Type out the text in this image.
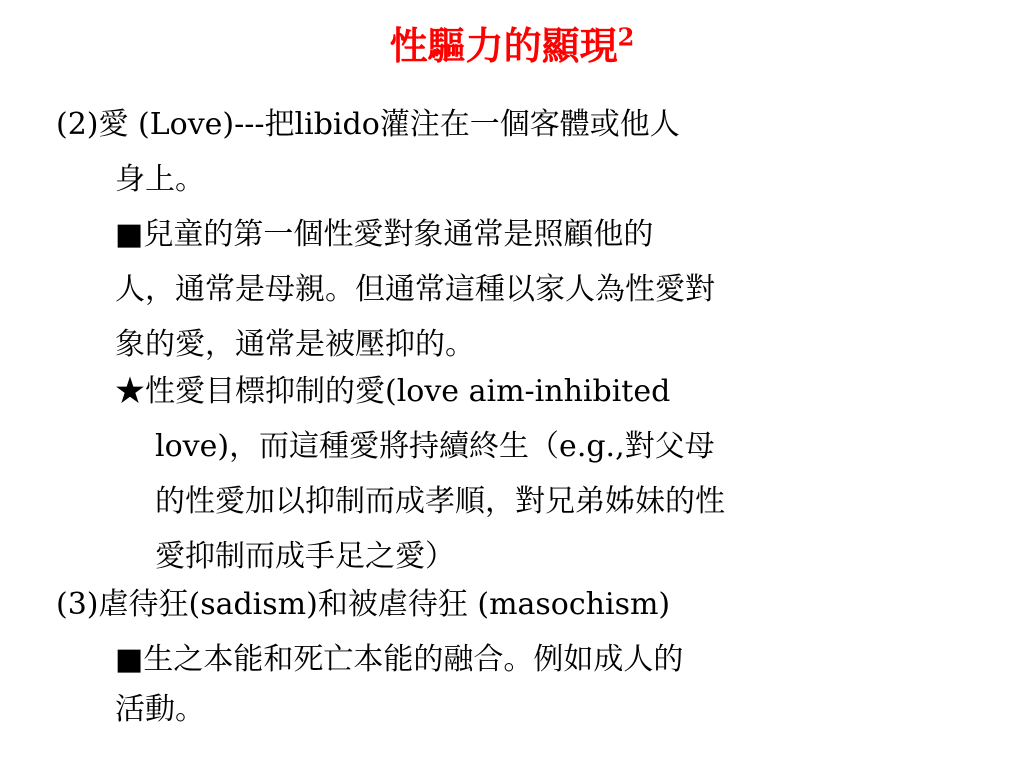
性驅力的顯現$^2$
(2)愛 (Love)---把libido灌注在一個客體或他人
身上。
■兒童的第一個性愛對象通常是照顧他的
人，通常是母親。但通常這種以家人為性愛對
象的愛，通常是被壓抑的。
★性愛目標抑制的愛(love aim-inhibited
love)，而這種愛將持續終生（e.g.,對父母
的性愛加以抑制而成孝順，對兄弟姊妹的性
愛抑制而成手足之愛）
(3)虐待狂(sadism)和被虐待狂 (masochism)
■生之本能和死亡本能的融合。例如成人的
活動。
